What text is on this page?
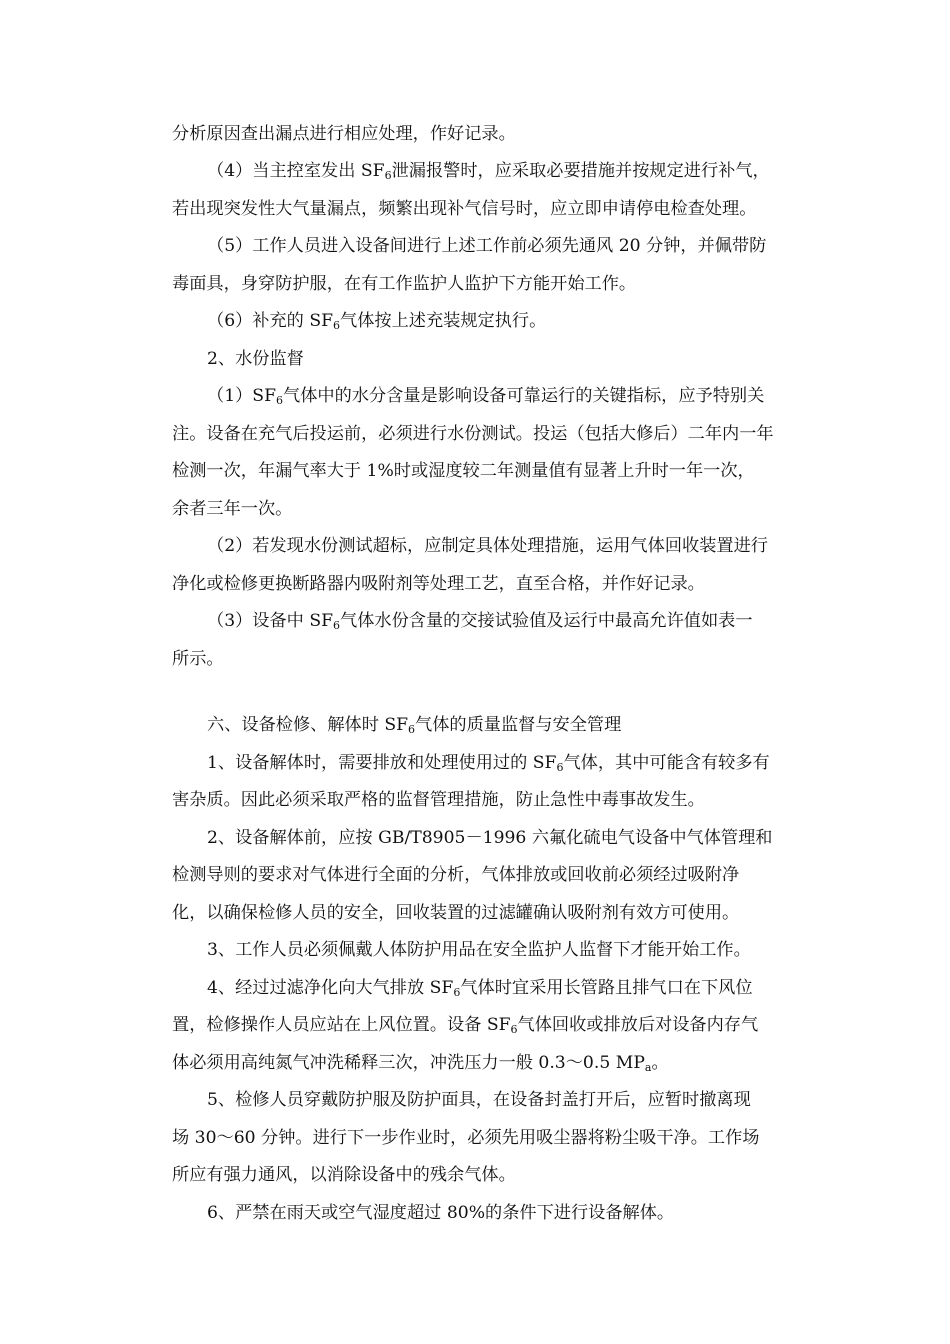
分析原因查出漏点进行相应处理，作好记录。
（4）当主控室发出 $SF_6$泄漏报警时，应采取必要措施并按规定进行补气，
若出现突发性大气量漏点，频繁出现补气信号时，应立即申请停电检查处理。
（5）工作人员进入设备间进行上述工作前必须先通风 20 分钟，并佩带防
毒面具，身穿防护服，在有工作监护人监护下方能开始工作。
（6）补充的 $SF_6$气体按上述充装规定执行。
2、水份监督
$(1)SF_6$气体中的水分含量是影响设备可靠运行的关键指标，应予特别关
注。设备在充气后投运前，必须进行水份测试。投运（包括大修后）二年内一年
检测一次，年漏气率大于 1%时或湿度较二年测量值有显著上升时一年一次，
余者三年一次。
（2）若发现水份测试超标，应制定具体处理措施，运用气体回收装置进行
净化或检修更换断路器内吸附剂等处理工艺，直至合格，并作好记录。
（3）设备中 $SF_6$气体水份含量的交接试验值及运行中最高允许值如表一
所示。
六、设备检修、解体时 $SF_6$气体的质量监督与安全管理
1、设备解体时，需要排放和处理使用过的 $SF_6$气体，其中可能含有较多有
害杂质。因此必须采取严格的监督管理措施，防止急性中毒事故发生。
2、设备解体前，应按 GB/T8905－1996 六氟化硫电气设备中气体管理和
检测导则的要求对气体进行全面的分析，气体排放或回收前必须经过吸附净
化，以确保检修人员的安全，回收装置的过滤罐确认吸附剂有效方可使用。
3、工作人员必须佩戴人体防护用品在安全监护人监督下才能开始工作。
4、经过过滤净化向大气排放 $SF_6$气体时宜采用长管路且排气口在下风位
置，检修操作人员应站在上风位置。设备 $SF_6$气体回收或排放后对设备内存气
体必须用高纯氮气冲洗稀释三次，冲洗压力一般 0.3～0.5 $MP_a$。
5、检修人员穿戴防护服及防护面具，在设备封盖打开后，应暂时撤离现
场 30～60 分钟。进行下一步作业时，必须先用吸尘器将粉尘吸干净。工作场
所应有强力通风，以消除设备中的残余气体。
6、严禁在雨天或空气湿度超过 80%的条件下进行设备解体。
